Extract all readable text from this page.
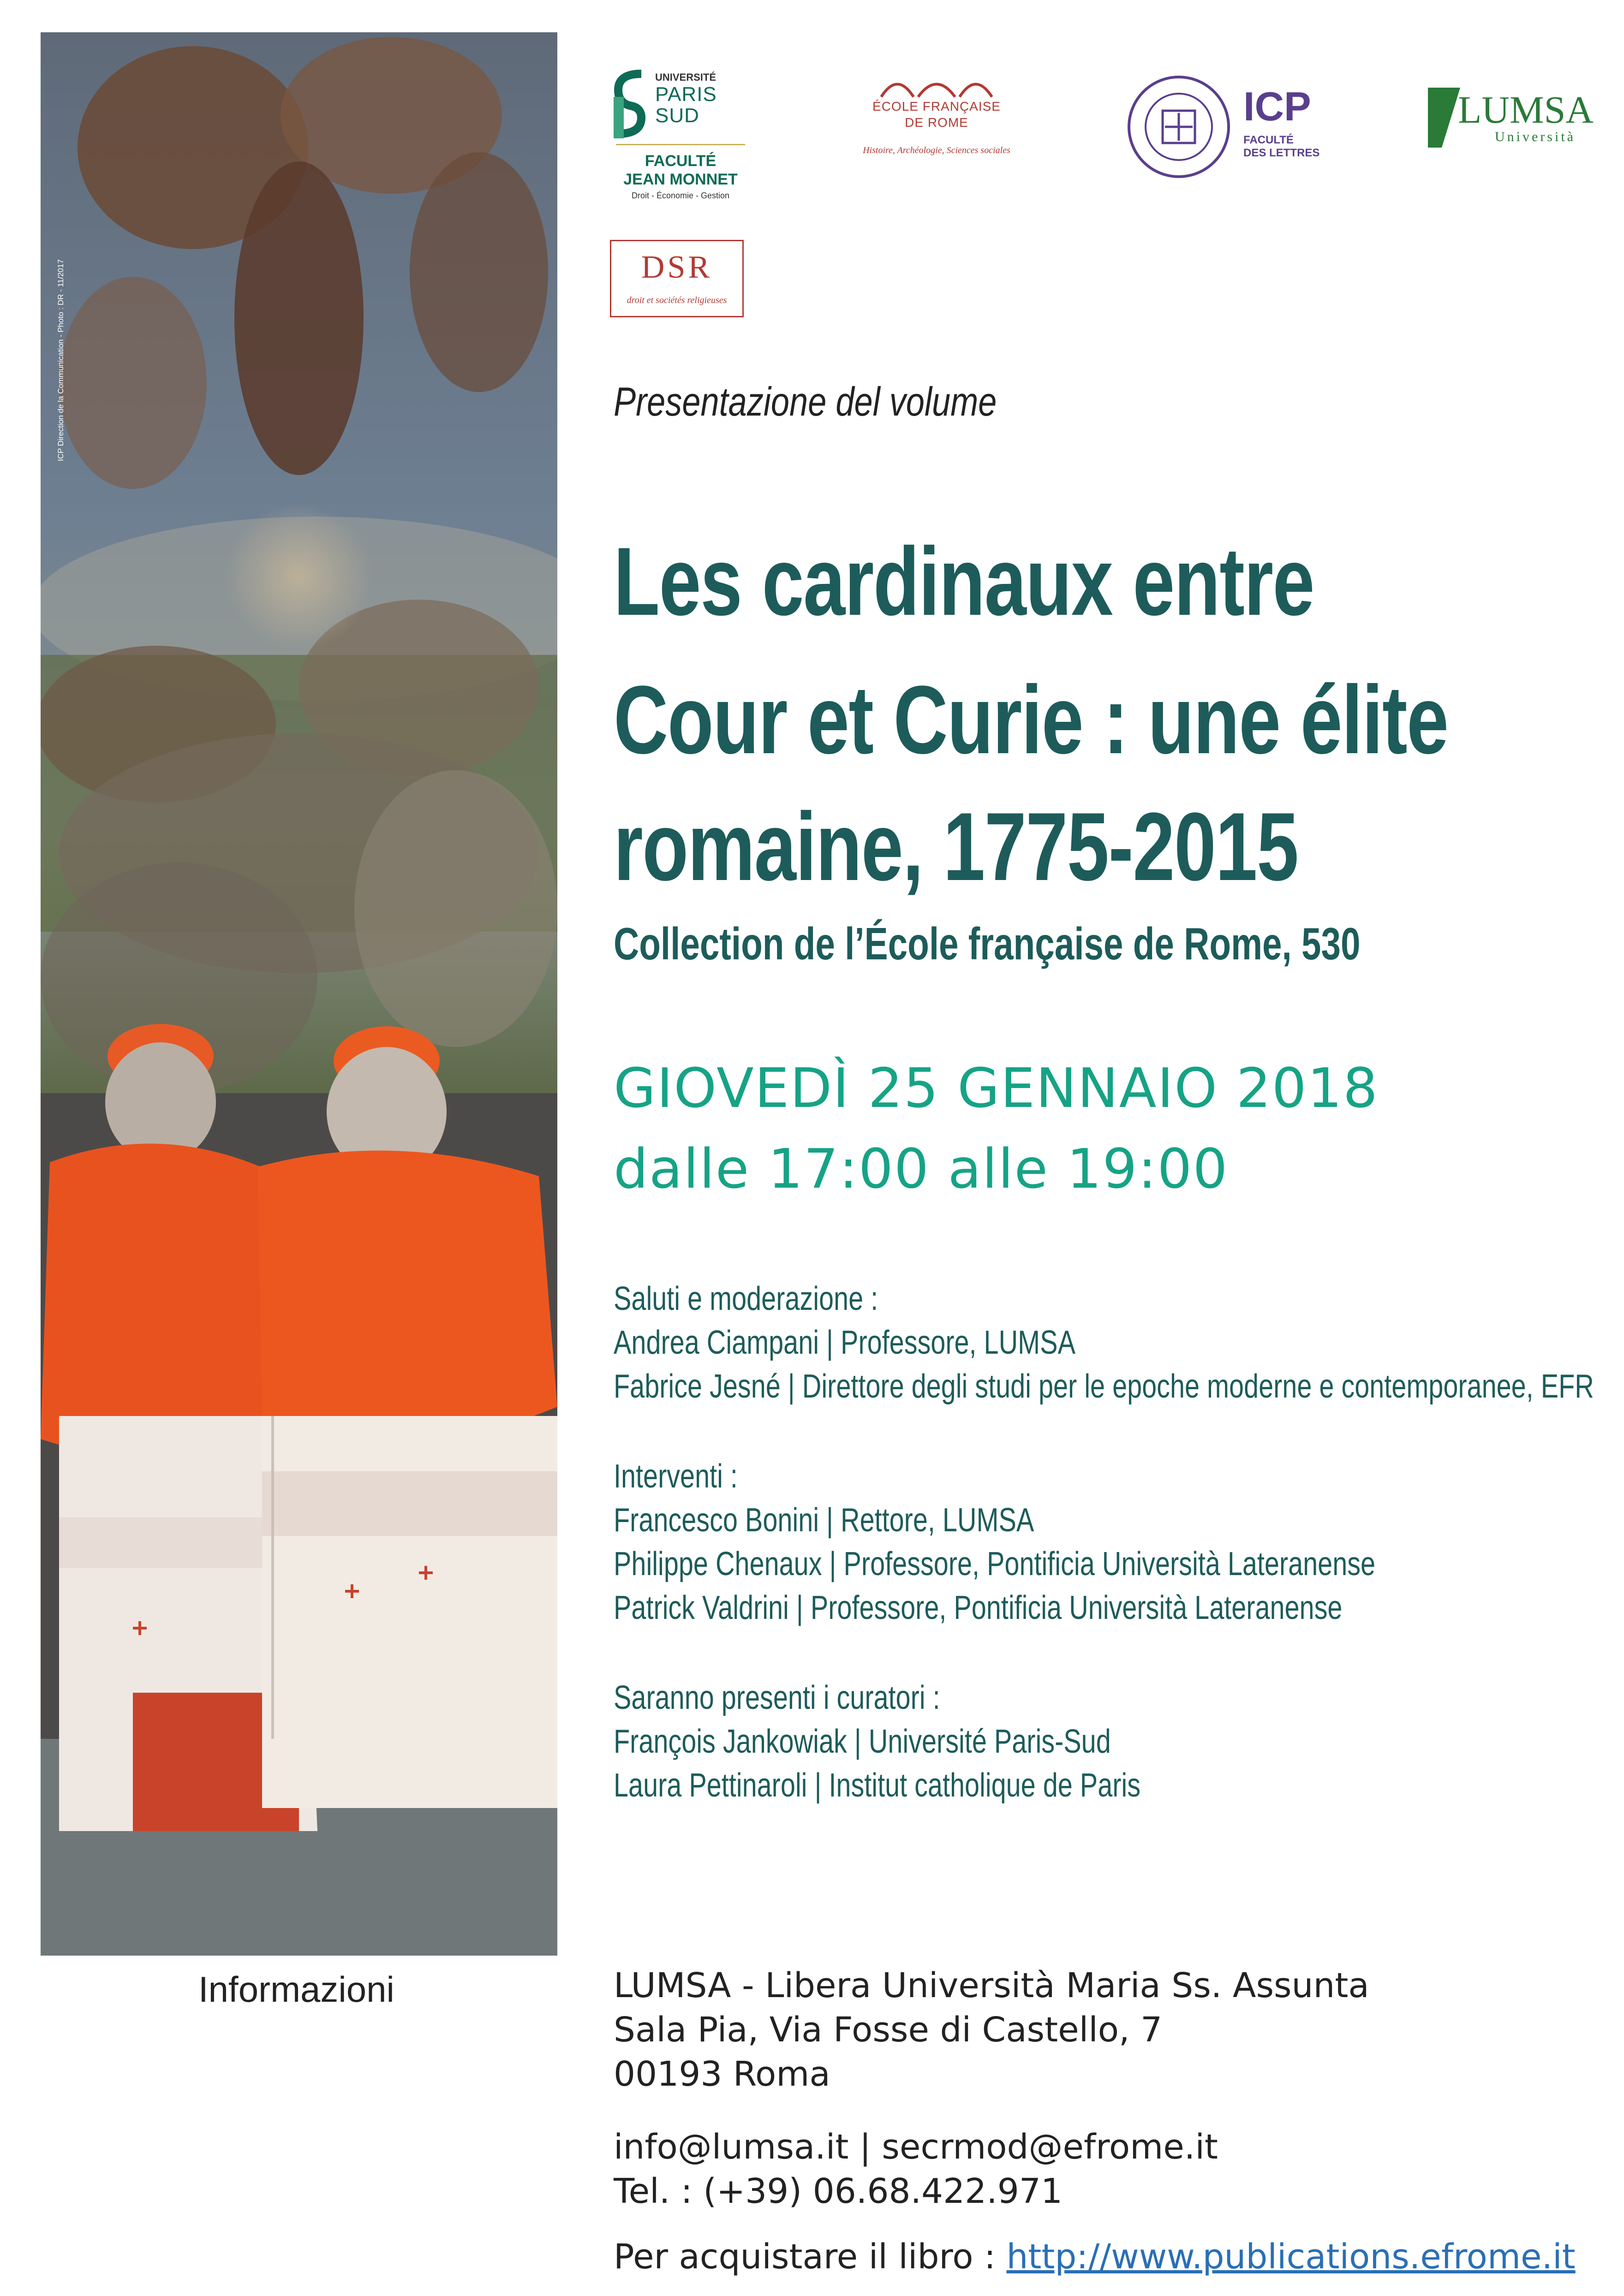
ICP Direction de la Communication - Photo : DR - 11/2017
Informazioni
UNIVERSITÉ
PARIS
SUD
FACULTÉ
JEAN MONNET
Droit - Économie - Gestion
ÉCOLE FRANÇAISE
DE ROME
Histoire, Archéologie, Sciences sociales
ICP
FACULTÉ
DES LETTRES
LUMSA
Università
DSR
droit et sociétés religieuses
Presentazione del volume
Les cardinaux entre
Cour et Curie : une élite
romaine, 1775-2015
Collection de l’École française de Rome, 530
GIOVEDÌ 25 GENNAIO 2018
dalle 17:00 alle 19:00
Saluti e moderazione :
Andrea Ciampani | Professore, LUMSA
Fabrice Jesné | Direttore degli studi per le epoche moderne e contemporanee, EFR
Interventi :
Francesco Bonini | Rettore, LUMSA
Philippe Chenaux | Professore, Pontificia Università Lateranense
Patrick Valdrini | Professore, Pontificia Università Lateranense
Saranno presenti i curatori :
François Jankowiak | Université Paris-Sud
Laura Pettinaroli | Institut catholique de Paris
LUMSA - Libera Università Maria Ss. Assunta
Sala Pia, Via Fosse di Castello, 7
00193 Roma
info@lumsa.it | secrmod@efrome.it
Tel. : (+39) 06.68.422.971
Per acquistare il libro : http://www.publications.efrome.it
